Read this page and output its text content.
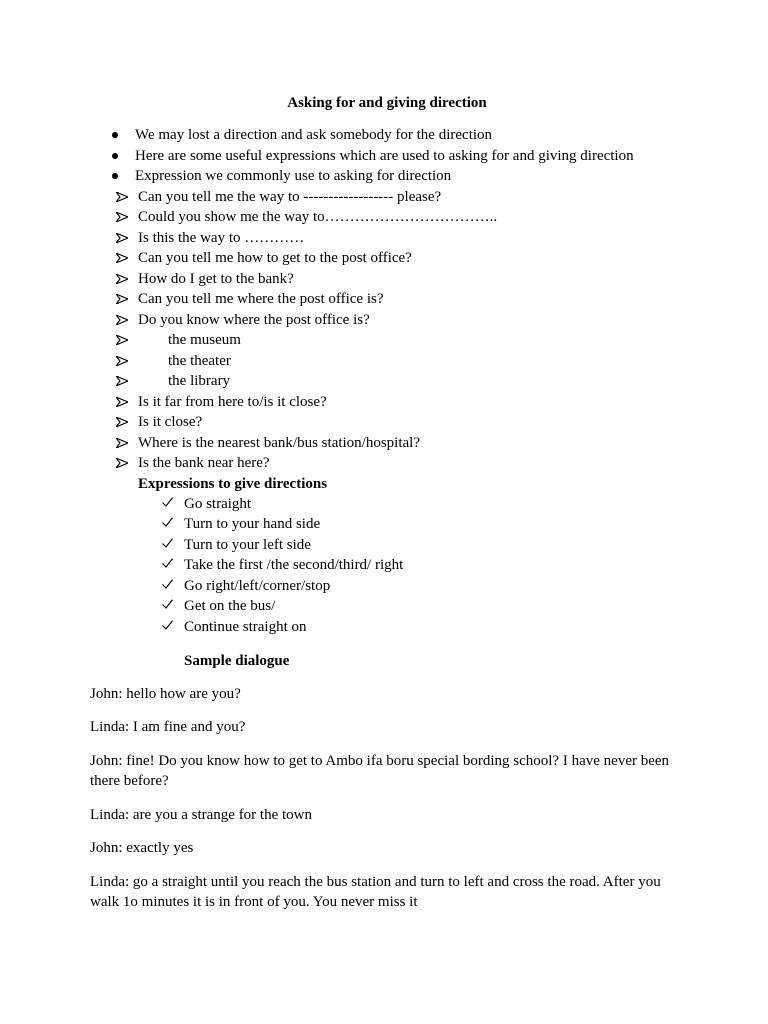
Asking for and giving direction
We may lost a direction and ask somebody for the direction
Here are some useful expressions which are used to asking for and giving direction
Expression we commonly use to asking for direction
Can you tell me the way to ------------------ please?
Could you show me the way to……………………………..
Is this the way to …………
Can you tell me how to get to the post office?
How do I get to the bank?
Can you tell me where the post office is?
Do you know where the post office is?
the museum
the theater
the library
Is it far from here to/is it close?
Is it close?
Where is the nearest bank/bus station/hospital?
Is the bank near here?
Expressions to give directions
Go straight
Turn to your hand side
Turn to your left side
Take the first /the second/third/ right
Go right/left/corner/stop
Get on the bus/
Continue straight on
Sample dialogue
John: hello how are you?
Linda: I am fine and you?
John: fine! Do you know how to get to Ambo ifa boru special bording school? I have never been there before?
Linda: are you a strange for the town
John: exactly yes
Linda: go a straight until you reach the bus station and turn to left and cross the road. After you walk 1o minutes it is in front of you. You never miss it
